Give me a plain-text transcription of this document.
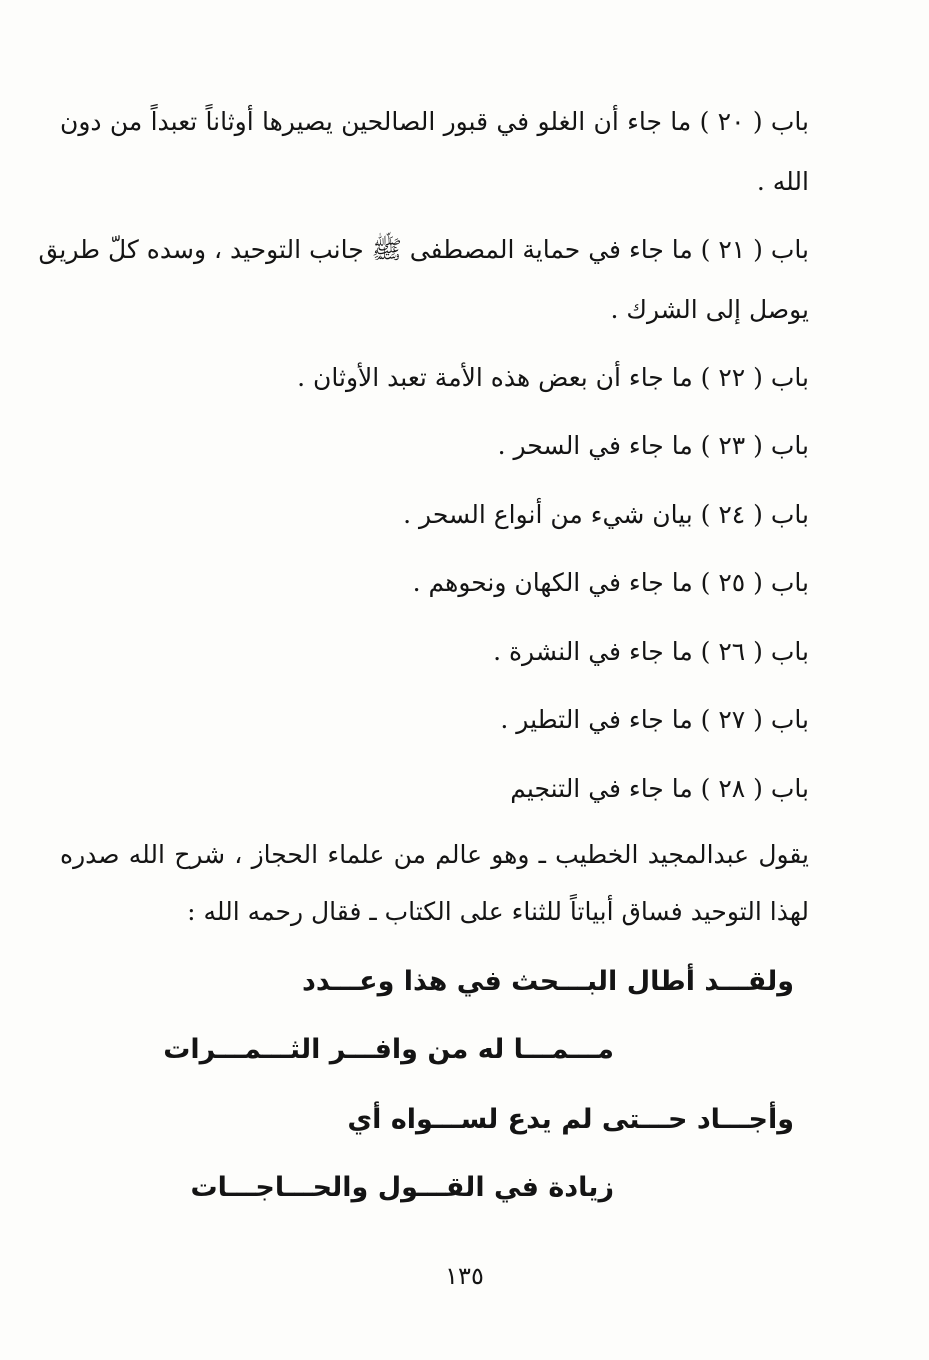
باب ( ٢٠ ) ما جاء أن الغلو في قبور الصالحين يصيرها أوثاناً تعبداً من دون
الله .
باب ( ٢١ ) ما جاء في حماية المصطفى ﷺ جانب التوحيد ، وسده كلّ طريق
يوصل إلى الشرك .
باب ( ٢٢ ) ما جاء أن بعض هذه الأمة تعبد الأوثان .
باب ( ٢٣ ) ما جاء في السحر .
باب ( ٢٤ ) بيان شيء من أنواع السحر .
باب ( ٢٥ ) ما جاء في الكهان ونحوهم .
باب ( ٢٦ ) ما جاء في النشرة .
باب ( ٢٧ ) ما جاء في التطير .
باب ( ٢٨ ) ما جاء في التنجيم
يقول عبدالمجيد الخطيب ـ وهو عالم من علماء الحجاز ، شرح الله صدره
لهذا التوحيد فساق أبياتاً للثناء على الكتاب ـ فقال رحمه الله :
ولقـــد أطال البـــحث في هذا وعـــدد
مـــمـــا له من وافـــر الثـــمـــرات
وأجـــاد حـــتى لم يدع لســـواه أي
زيادة في القـــول والحـــاجـــات
١٣٥
